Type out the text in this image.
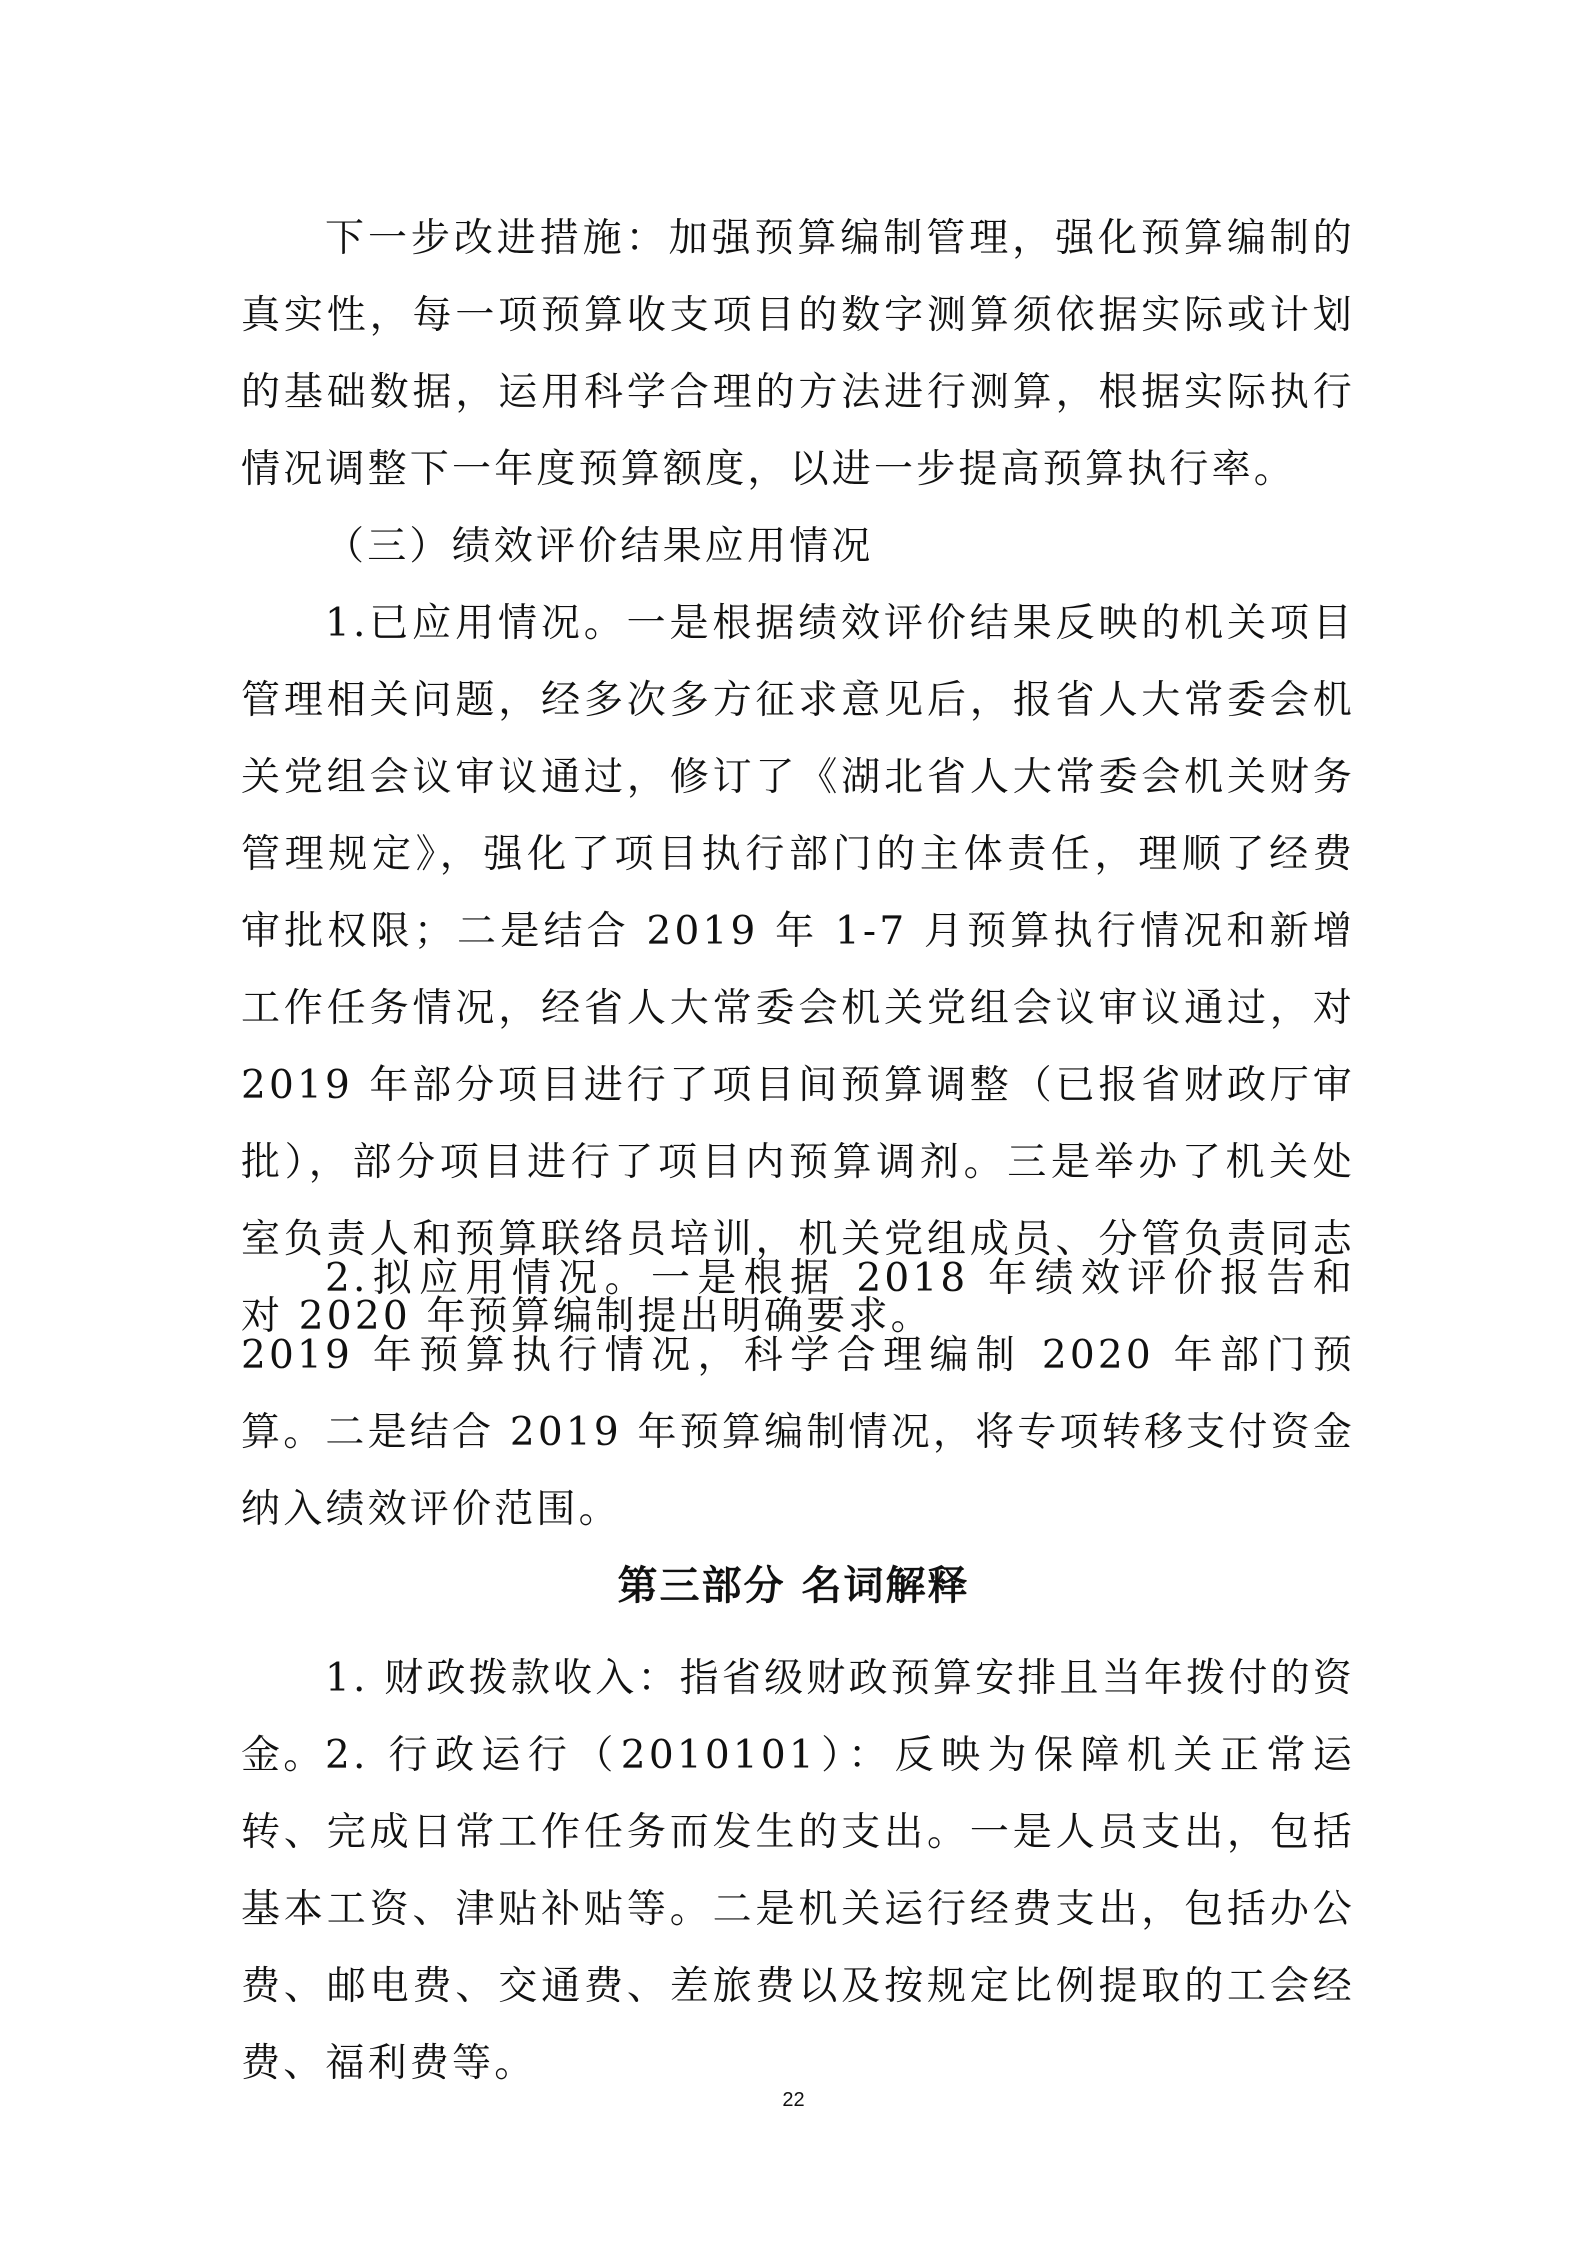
下一步改进措施：加强预算编制管理，强化预算编制的真实性，每一项预算收支项目的数字测算须依据实际或计划的基础数据，运用科学合理的方法进行测算，根据实际执行情况调整下一年度预算额度，以进一步提高预算执行率。

（三）绩效评价结果应用情况

1.已应用情况。一是根据绩效评价结果反映的机关项目管理相关问题，经多次多方征求意见后，报省人大常委会机关党组会议审议通过，修订了《湖北省人大常委会机关财务管理规定》，强化了项目执行部门的主体责任，理顺了经费审批权限；二是结合 2019 年 1-7 月预算执行情况和新增工作任务情况，经省人大常委会机关党组会议审议通过，对 2019 年部分项目进行了项目间预算调整（已报省财政厅审批），部分项目进行了项目内预算调剂。三是举办了机关处室负责人和预算联络员培训，机关党组成员、分管负责同志对 2020 年预算编制提出明确要求。

2.拟应用情况。一是根据 2018 年绩效评价报告和 2019 年预算执行情况，科学合理编制 2020 年部门预算。二是结合 2019 年预算编制情况，将专项转移支付资金纳入绩效评价范围。

第三部分 名词解释

1. 财政拨款收入：指省级财政预算安排且当年拨付的资金。 2. 行政运行（2010101）：反映为保障机关正常运转、完成日常工作任务而发生的支出。一是人员支出，包括基本工资、津贴补贴等。二是机关运行经费支出，包括办公费、邮电费、交通费、差旅费以及按规定比例提取的工会经费、福利费等。

22
